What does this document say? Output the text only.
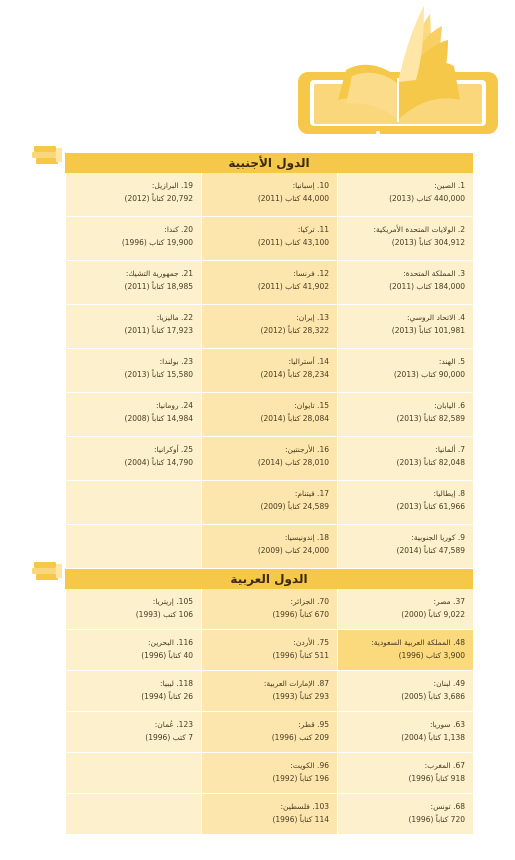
الدول الأجنبية
1. الصين:
440,000 كتاب (2013)
10. إسبانيا:
44,000 كتاب (2011)
19. البرازيل:
20,792 كتاباً (2012)
2. الولايات المتحدة الأمريكية:
304,912 كتاباً (2013)
11. تركيا:
43,100 كتاب (2011)
20. كندا:
19,900 كتاب (1996)
3. المملكة المتحدة:
184,000 كتاب (2011)
12. فرنسا:
41,902 كتاب (2011)
21. جمهورية التشيك:
18,985 كتاباً (2011)
4. الاتحاد الروسي:
101,981 كتاباً (2013)
13. إيران:
28,322 كتاباً (2012)
22. ماليزيا:
17,923 كتاباً (2011)
5. الهند:
90,000 كتاب (2013)
14. أستراليا:
28,234 كتاباً (2014)
23. بولندا:
15,580 كتاباً (2013)
6. اليابان:
82,589 كتاباً (2013)
15. تايوان:
28,084 كتاباً (2014)
24. رومانيا:
14,984 كتاباً (2008)
7. ألمانيا:
82,048 كتاباً (2013)
16. الأرجنتين:
28,010 كتاب (2014)
25. أوكرانيا:
14,790 كتاباً (2004)
8. إيطاليا:
61,966 كتاباً (2013)
17. فيتنام:
24,589 كتاباً (2009)
9. كوريا الجنوبية:
47,589 كتاباً (2014)
18. إندونيسيا:
24,000 كتاب (2009)
الدول العربية
37. مصر:
9,022 كتاباً (2000)
70. الجزائر:
670 كتاباً (1996)
105. إريتريا:
106 كتب (1993)
48. المملكة العربية السعودية:
3,900 كتاب (1996)
75. الأردن:
511 كتاباً (1996)
116. البحرين:
40 كتاباً (1996)
49. لبنان:
3,686 كتاباً (2005)
87. الإمارات العربية:
293 كتاباً (1993)
118. ليبيا:
26 كتاباً (1994)
63. سوريا:
1,138 كتاباً (2004)
95. قطر:
209 كتب (1996)
123. عُمان:
7 كتب (1996)
67. المغرب:
918 كتاباً (1996)
96. الكويت:
196 كتاباً (1992)
68. تونس:
720 كتاباً (1996)
103. فلسطين:
114 كتاباً (1996)
